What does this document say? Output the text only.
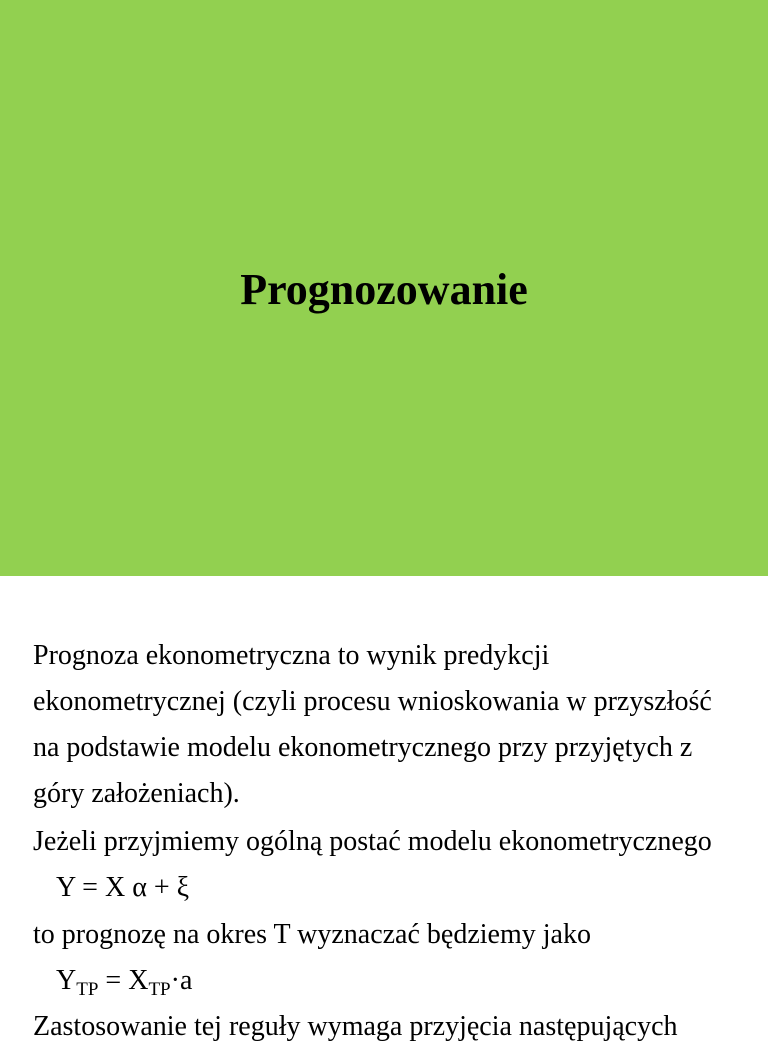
Prognozowanie

Prognoza ekonometryczna to wynik predykcji

ekonometrycznej (czyli procesu wnioskowania w przyszłość

na podstawie modelu ekonometrycznego przy przyjętych z

góry założeniach).

Jeżeli przyjmiemy ogólną postać modelu ekonometrycznego

Y = X α + ξ

to prognozę na okres T wyznaczać będziemy jako

$Y_{TP} = X_{TP}\cdot a$

Zastosowanie tej reguły wymaga przyjęcia następujących
